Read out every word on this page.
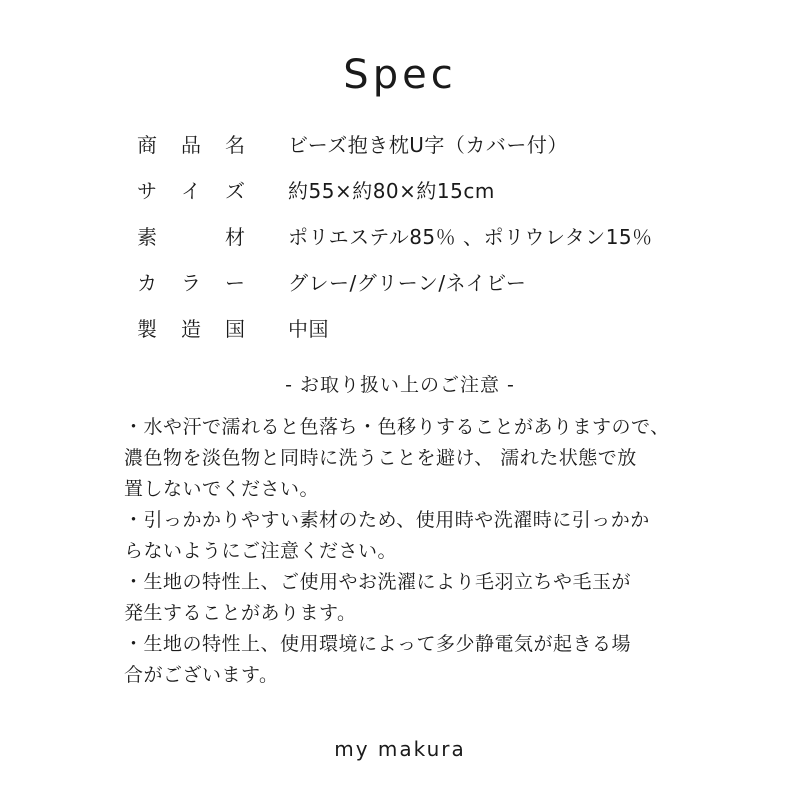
Spec
商 品 名 ビーズ抱き枕U字（カバー付）
サ イ ズ 約55×約80×約15cm
素	材 ポリエステル85％ 、ポリウレタン15％
カ ラ ー グレー/グリーン/ネイビー
製 造 国 中国
- お取り扱い上のご注意 -
・水や汗で濡れると色落ち・色移りすることがありますので、
濃色物を淡色物と同時に洗うことを避け、 濡れた状態で放
置しないでください。
・引っかかりやすい素材のため、使用時や洗濯時に引っかか
らないようにご注意ください。
・生地の特性上、ご使用やお洗濯により毛羽立ちや毛玉が
発生することがあります。
・生地の特性上、使用環境によって多少静電気が起きる場
合がございます。
my makura
